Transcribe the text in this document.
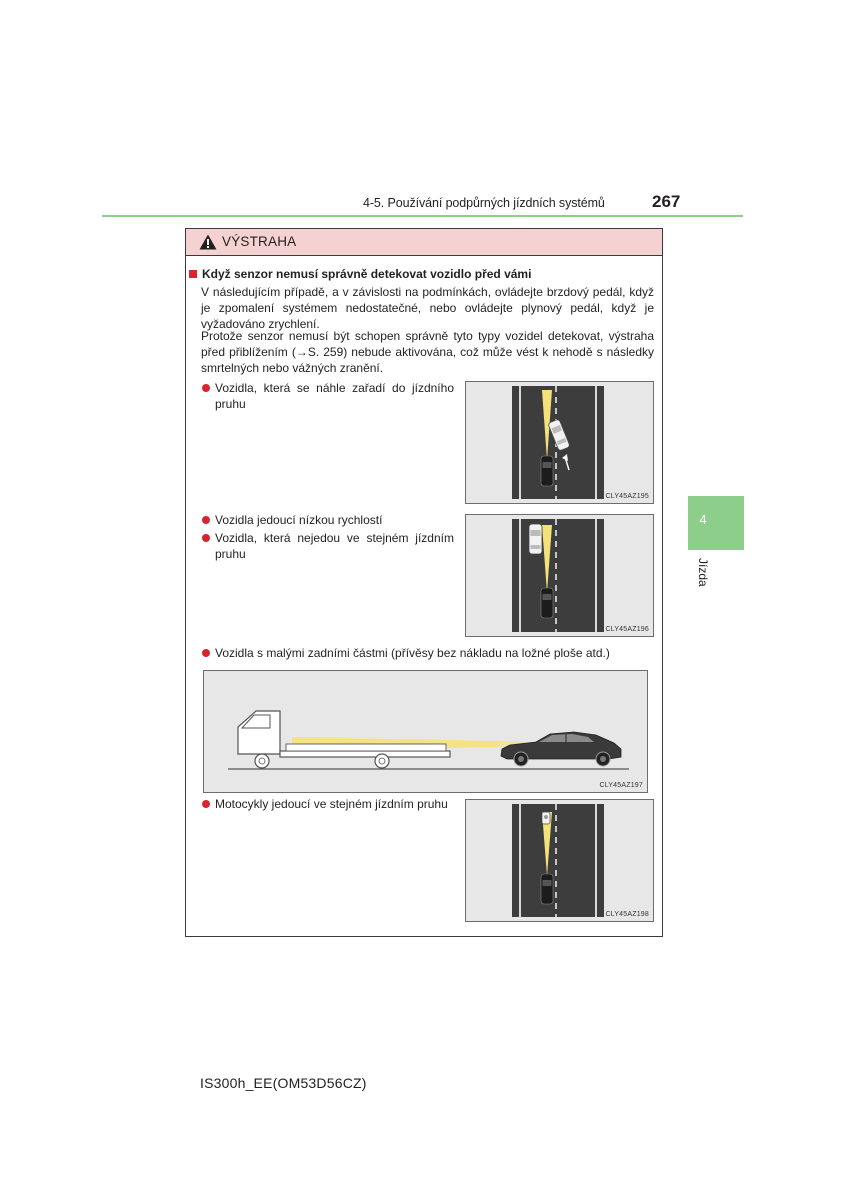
4-5. Používání podpůrných jízdních systémů	267
4
Jízda
VÝSTRAHA
Když senzor nemusí správně detekovat vozidlo před vámi
V následujícím případě, a v závislosti na podmínkách, ovládejte brzdový pedál, když je zpomalení systémem nedostatečné, nebo ovládejte plynový pedál, když je vyžadováno zrychlení.
Protože senzor nemusí být schopen správně tyto typy vozidel detekovat, výstraha před přiblížením (→S. 259) nebude aktivována, což může vést k nehodě s následky smrtelných nebo vážných zranění.
Vozidla, která se náhle zařadí do jízdního pruhu
CLY45AZ195
Vozidla jedoucí nízkou rychlostí
Vozidla, která nejedou ve stejném jízdním pruhu
CLY45AZ196
Vozidla s malými zadními částmi (přívěsy bez nákladu na ložné ploše atd.)
CLY45AZ197
Motocykly jedoucí ve stejném jízdním pruhu
CLY45AZ198
IS300h_EE(OM53D56CZ)
